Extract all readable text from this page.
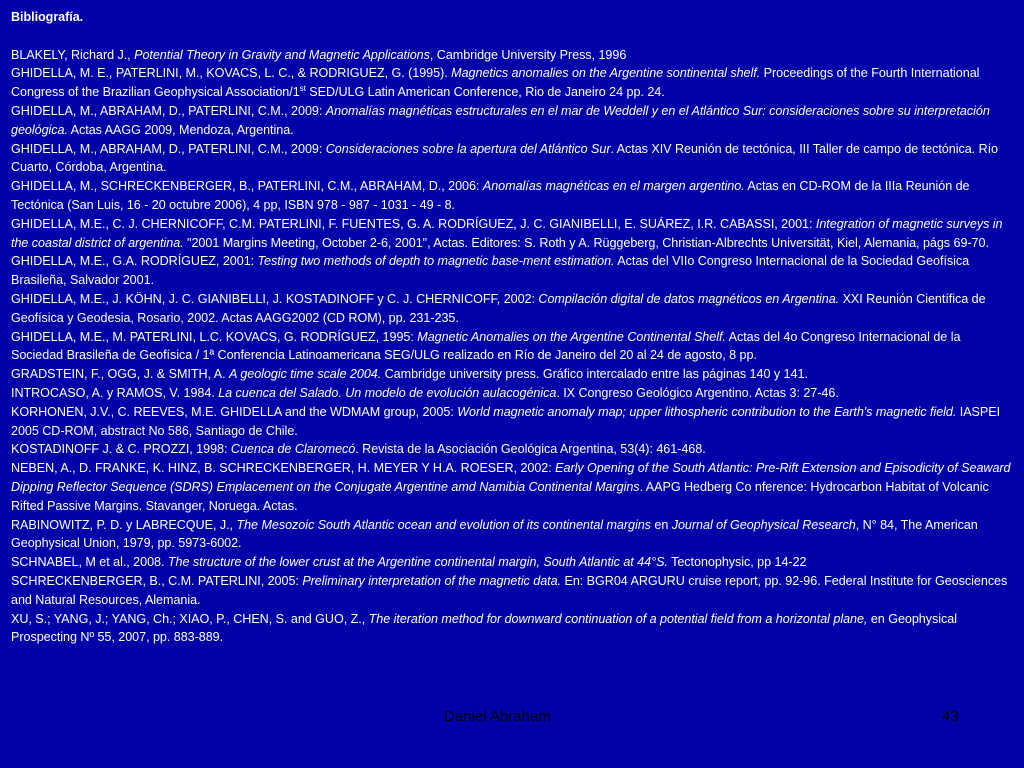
Bibliografía.
BLAKELY, Richard J., Potential Theory in Gravity and Magnetic Applications, Cambridge University Press, 1996
GHIDELLA, M. E., PATERLINI, M., KOVACS, L. C., & RODRIGUEZ, G. (1995). Magnetics anomalies on the Argentine sontinental shelf. Proceedings of the Fourth International Congress of the Brazilian Geophysical Association/1st SED/ULG Latin American Conference, Rio de Janeiro 24 pp. 24.
GHIDELLA, M., ABRAHAM, D., PATERLINI, C.M., 2009: Anomalías magnéticas estructurales en el mar de Weddell y en el Atlántico Sur: consideraciones sobre su interpretación geológica. Actas AAGG 2009, Mendoza, Argentina.
GHIDELLA, M., ABRAHAM, D., PATERLINI, C.M., 2009: Consideraciones sobre la apertura del Atlántico Sur. Actas XIV Reunión de tectónica, III Taller de campo de tectónica. Río Cuarto, Córdoba, Argentina.
GHIDELLA, M., SCHRECKENBERGER, B., PATERLINI, C.M., ABRAHAM, D., 2006: Anomalías magnéticas en el margen argentino. Actas en CD-ROM de la IIIa Reunión de Tectónica (San Luis, 16 - 20 octubre 2006), 4 pp, ISBN 978 - 987 - 1031 - 49 - 8.
GHIDELLA, M.E., C. J. CHERNICOFF, C.M. PATERLINI, F. FUENTES, G. A. RODRÍGUEZ, J. C. GIANIBELLI, E. SUÁREZ, I.R. CABASSI, 2001: Integration of magnetic surveys in the coastal district of argentina. "2001 Margins Meeting, October 2-6, 2001", Actas. Editores: S. Roth y A. Rüggeberg, Christian-Albrechts Universität, Kiel, Alemania, págs 69-70.
GHIDELLA, M.E., G.A. RODRÍGUEZ, 2001: Testing two methods of depth to magnetic base-ment estimation. Actas del VIIo Congreso Internacional de la Sociedad Geofísica Brasileña, Salvador 2001.
GHIDELLA, M.E., J. KÖHN, J. C. GIANIBELLI, J. KOSTADINOFF y C. J. CHERNICOFF, 2002: Compilación digital de datos magnéticos en Argentina. XXI Reunión Científica de Geofísica y Geodesia, Rosario, 2002. Actas AAGG2002 (CD ROM), pp. 231-235.
GHIDELLA, M.E., M. PATERLINI, L.C. KOVACS, G. RODRÍGUEZ, 1995: Magnetic Anomalies on the Argentine Continental Shelf. Actas del 4o Congreso Internacional de la Sociedad Brasileña de Geofísica / 1ª Conferencia Latinoamericana SEG/ULG realizado en Río de Janeiro del 20 al 24 de agosto, 8 pp.
GRADSTEIN, F., OGG, J. & SMITH, A. A geologic time scale 2004. Cambridge university press. Gráfico intercalado entre las páginas 140 y 141.
INTROCASO, A. y RAMOS, V. 1984. La cuenca del Salado. Un modelo de evolución aulacogénica. IX Congreso Geológico Argentino. Actas 3: 27-46.
KORHONEN, J.V., C. REEVES, M.E. GHIDELLA and the WDMAM group, 2005: World magnetic anomaly map; upper lithospheric contribution to the Earth's magnetic field. IASPEI 2005 CD-ROM, abstract No 586, Santiago de Chile.
KOSTADINOFF J. & C. PROZZI, 1998: Cuenca de Claromecó. Revista de la Asociación Geológica Argentina, 53(4): 461-468.
NEBEN, A., D. FRANKE, K. HINZ, B. SCHRECKENBERGER, H. MEYER Y H.A. ROESER, 2002: Early Opening of the South Atlantic: Pre-Rift Extension and Episodicity of Seaward Dipping Reflector Sequence (SDRS) Emplacement on the Conjugate Argentine amd Namibia Continental Margins. AAPG Hedberg Co nference: Hydrocarbon Habitat of Volcanic Rifted Passive Margins. Stavanger, Noruega. Actas.
RABINOWITZ, P. D. y LABRECQUE, J., The Mesozoic South Atlantic ocean and evolution of its continental margins en Journal of Geophysical Research, N° 84, The American Geophysical Union, 1979, pp. 5973-6002.
SCHNABEL, M et al., 2008. The structure of the lower crust at the Argentine continental margin, South Atlantic at 44°S. Tectonophysic, pp 14-22
SCHRECKENBERGER, B., C.M. PATERLINI, 2005: Preliminary interpretation of the magnetic data. En: BGR04 ARGURU cruise report, pp. 92-96. Federal Institute for Geosciences and Natural Resources, Alemania.
XU, S.; YANG, J.; YANG, Ch.; XIAO, P., CHEN, S. and GUO, Z., The iteration method for downward continuation of a potential field from a horizontal plane, en Geophysical Prospecting Nº 55, 2007, pp. 883-889.
Daniel Abraham	43
